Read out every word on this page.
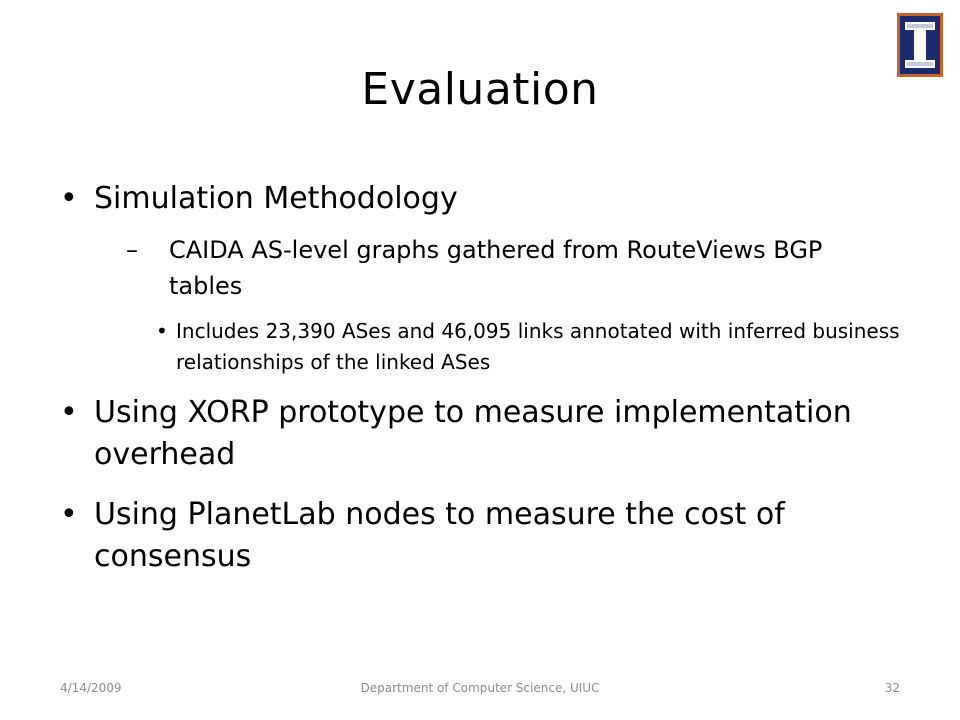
Evaluation
• Simulation Methodology
– CAIDA AS-level graphs gathered from RouteViews BGP tables
• Includes 23,390 ASes and 46,095 links annotated with inferred business relationships of the linked ASes
• Using XORP prototype to measure implementation overhead
• Using PlanetLab nodes to measure the cost of consensus
4/14/2009	Department of Computer Science, UIUC	32
